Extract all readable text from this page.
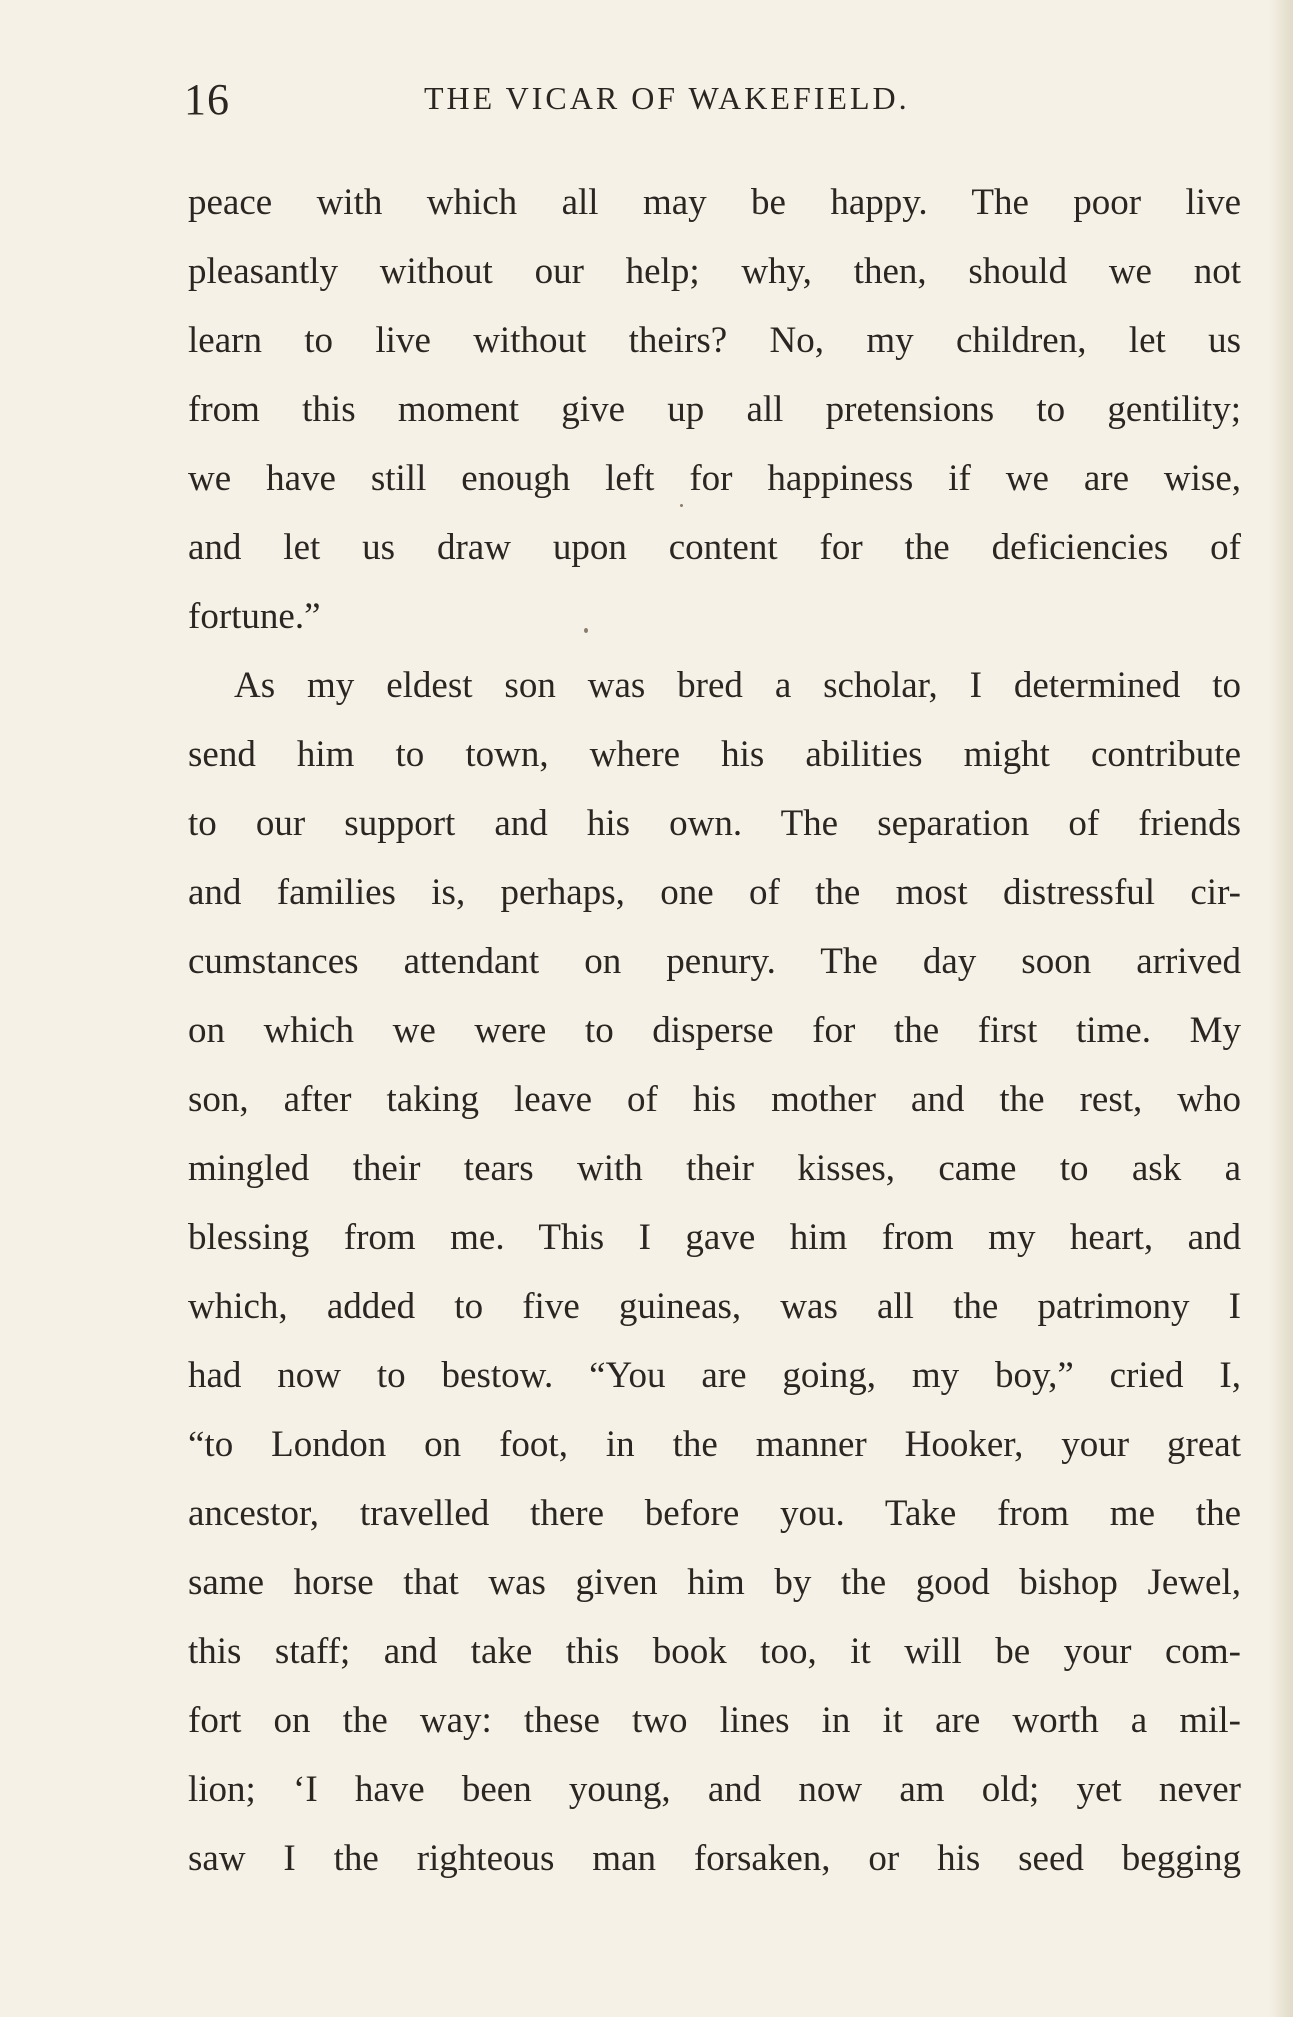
16	THE VICAR OF WAKEFIELD.
peace with which all may be happy. The poor live
pleasantly without our help; why, then, should we not
learn to live without theirs? No, my children, let us
from this moment give up all pretensions to gentility;
we have still enough left for happiness if we are wise,
and let us draw upon content for the deficiencies of
fortune.”
As my eldest son was bred a scholar, I determined to
send him to town, where his abilities might contribute
to our support and his own. The separation of friends
and families is, perhaps, one of the most distressful cir-
cumstances attendant on penury. The day soon arrived
on which we were to disperse for the first time. My
son, after taking leave of his mother and the rest, who
mingled their tears with their kisses, came to ask a
blessing from me. This I gave him from my heart, and
which, added to five guineas, was all the patrimony I
had now to bestow. “You are going, my boy,” cried I,
“to London on foot, in the manner Hooker, your great
ancestor, travelled there before you. Take from me the
same horse that was given him by the good bishop Jewel,
this staff; and take this book too, it will be your com-
fort on the way: these two lines in it are worth a mil-
lion; ‘I have been young, and now am old; yet never
saw I the righteous man forsaken, or his seed begging
